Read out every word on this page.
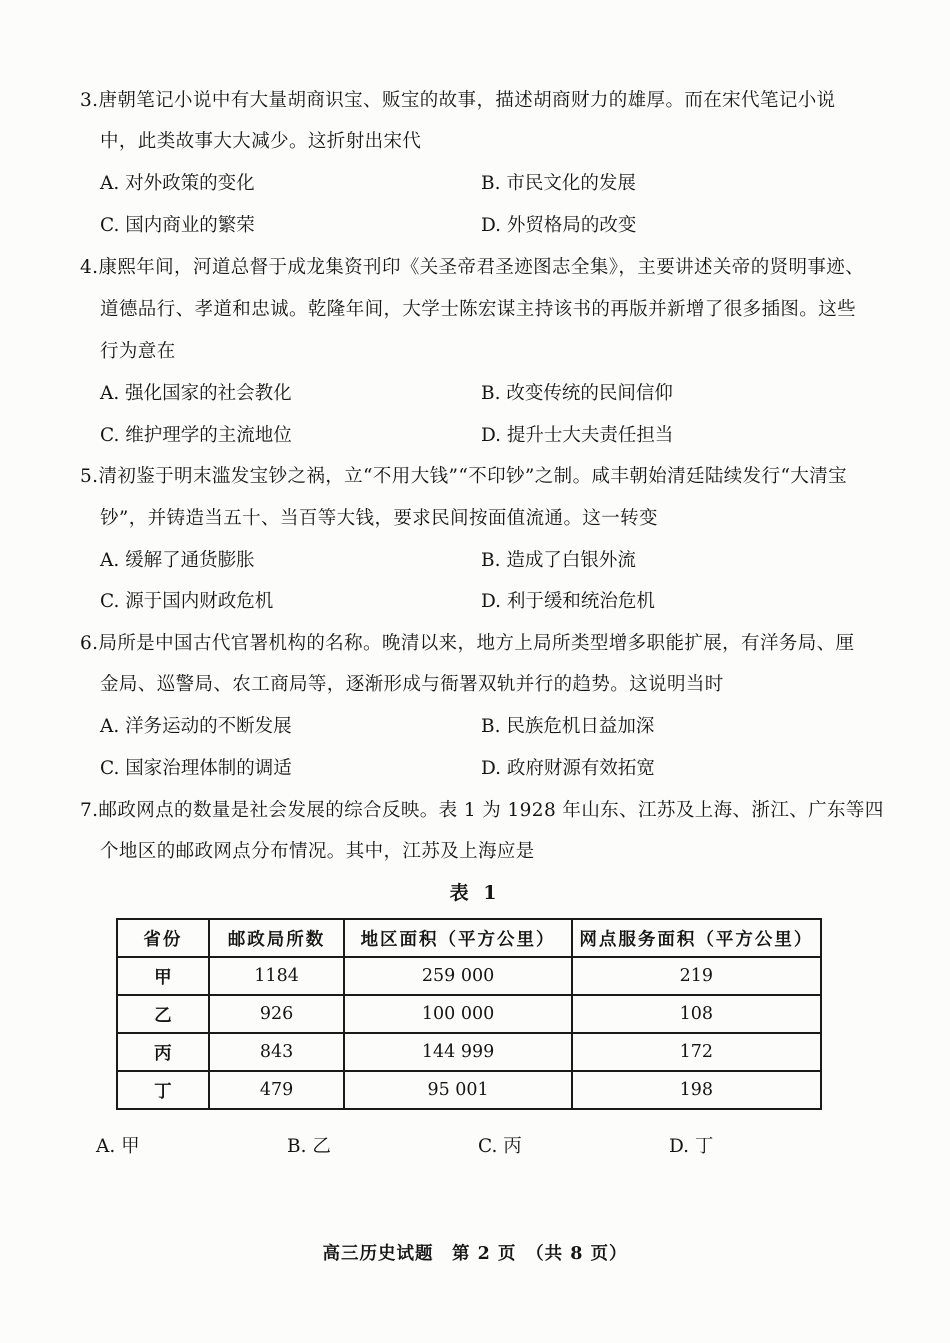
3.唐朝笔记小说中有大量胡商识宝、贩宝的故事，描述胡商财力的雄厚。而在宋代笔记小说
中，此类故事大大减少。这折射出宋代
A. 对外政策的变化	B. 市民文化的发展
C. 国内商业的繁荣	D. 外贸格局的改变
4.康熙年间，河道总督于成龙集资刊印《关圣帝君圣迹图志全集》，主要讲述关帝的贤明事迹、
道德品行、孝道和忠诚。乾隆年间，大学士陈宏谋主持该书的再版并新增了很多插图。这些
行为意在
A. 强化国家的社会教化	B. 改变传统的民间信仰
C. 维护理学的主流地位	D. 提升士大夫责任担当
5.清初鉴于明末滥发宝钞之祸，立“不用大钱”“不印钞”之制。咸丰朝始清廷陆续发行“大清宝
钞”，并铸造当五十、当百等大钱，要求民间按面值流通。这一转变
A. 缓解了通货膨胀	B. 造成了白银外流
C. 源于国内财政危机	D. 利于缓和统治危机
6.局所是中国古代官署机构的名称。晚清以来，地方上局所类型增多职能扩展，有洋务局、厘
金局、巡警局、农工商局等，逐渐形成与衙署双轨并行的趋势。这说明当时
A. 洋务运动的不断发展	B. 民族危机日益加深
C. 国家治理体制的调适	D. 政府财源有效拓宽
7.邮政网点的数量是社会发展的综合反映。表 1 为 1928 年山东、江苏及上海、浙江、广东等四
个地区的邮政网点分布情况。其中，江苏及上海应是
表 1
省份	邮政局所数	地区面积（平方公里）	网点服务面积（平方公里）
甲	1184	259 000	219
乙	926	100 000	108
丙	843	144 999	172
丁	479	95 001	198
A. 甲	B. 乙	C. 丙	D. 丁
高三历史试题　第 2 页　（共 8 页）
